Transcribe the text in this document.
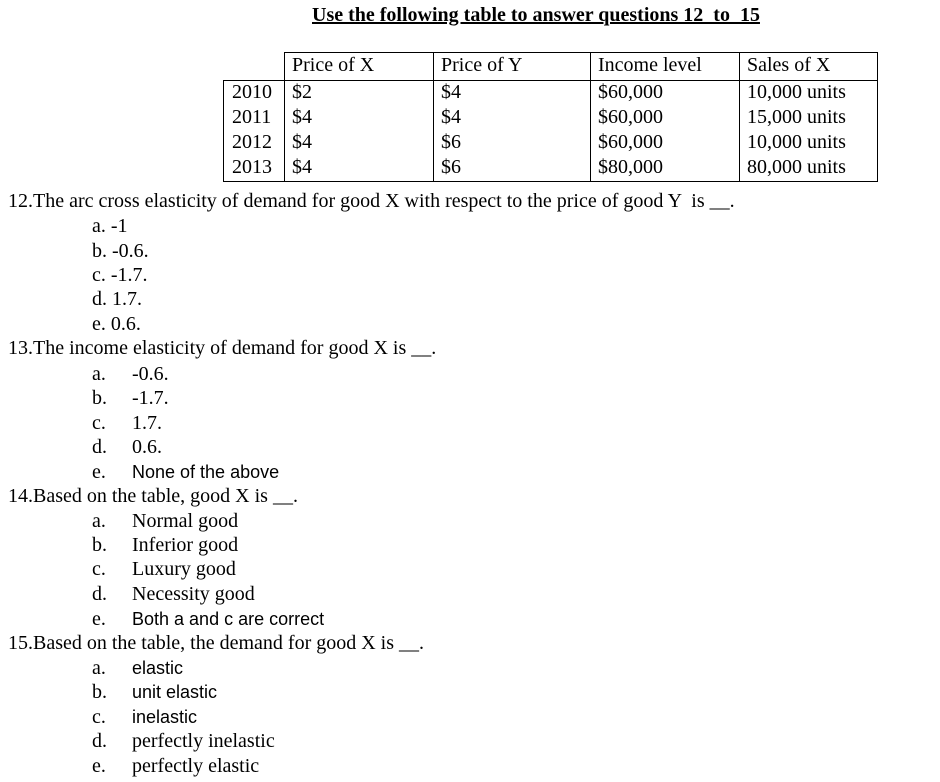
Use the following table to answer questions 12  to  15
	Price of X	Price of Y	Income level	Sales of X
2010	$2	$4	$60,000	10,000 units
2011	$4	$4	$60,000	15,000 units
2012	$4	$6	$60,000	10,000 units
2013	$4	$6	$80,000	80,000 units
12.The arc cross elasticity of demand for good X with respect to the price of good Y  is __.
a. -1
b. -0.6.
c. -1.7.
d. 1.7.
e. 0.6.
13.The income elasticity of demand for good X is __.
a. -0.6.
b. -1.7.
c. 1.7.
d. 0.6.
e. None of the above
14.Based on the table, good X is __.
a. Normal good
b. Inferior good
c. Luxury good
d. Necessity good
e. Both a and c are correct
15.Based on the table, the demand for good X is __.
a. elastic
b. unit elastic
c. inelastic
d. perfectly inelastic
e. perfectly elastic
